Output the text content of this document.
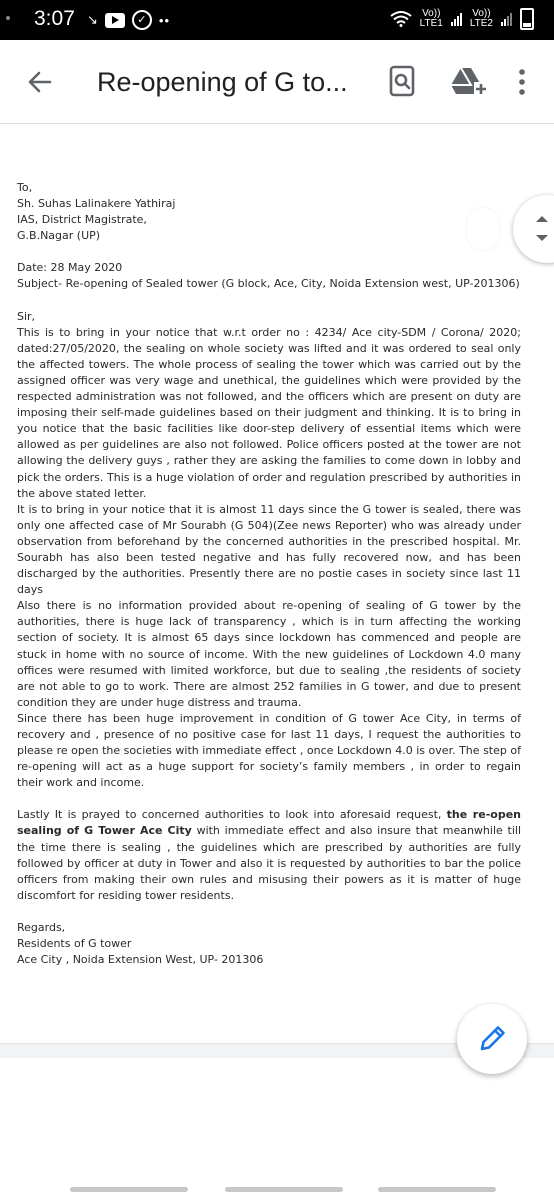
3:07 ↘	✓ ••	Vo))
LTE1
Vo))
LTE2
Re-opening of G to...

To,

Sh. Suhas Lalinakere Yathiraj

IAS, District Magistrate,

G.B.Nagar (UP)

Date: 28 May 2020

Subject- Re-opening of Sealed tower (G block, Ace, City, Noida Extension west, UP-201306)

Sir,

This is to bring in your notice that w.r.t order no : 4234/ Ace city-SDM / Corona/ 2020; dated:27/05/2020, the sealing on whole society was lifted and it was ordered to seal only the affected towers. The whole process of sealing the tower which was carried out by the assigned officer was very wage and unethical, the guidelines which were provided by the respected administration was not followed, and the officers which are present on duty are imposing their self-made guidelines based on their judgment and thinking. It is to bring in you notice that the basic facilities like door-step delivery of essential items which were allowed as per guidelines are also not followed. Police officers posted at the tower are not allowing the delivery guys , rather they are asking the families to come down in lobby and pick the orders. This is a huge violation of order and regulation prescribed by authorities in the above stated letter.

It is to bring in your notice that it is almost 11 days since the G tower is sealed, there was only one affected case of Mr Sourabh (G 504)(Zee news Reporter) who was already under observation from beforehand by the concerned authorities in the prescribed hospital. Mr. Sourabh has also been tested negative and has fully recovered now, and has been discharged by the authorities. Presently there are no postie cases in society since last 11 days

Also there is no information provided about re-opening of sealing of G tower by the authorities, there is huge lack of transparency , which is in turn affecting the working section of society. It is almost 65 days since lockdown has commenced and people are stuck in home with no source of income. With the new guidelines of Lockdown 4.0 many offices were resumed with limited workforce, but due to sealing ,the residents of society are not able to go to work. There are almost 252 families in G tower, and due to present condition they are under huge distress and trauma.

Since there has been huge improvement in condition of G tower Ace City, in terms of recovery and , presence of no positive case for last 11 days, I request the authorities to please re open the societies with immediate effect , once Lockdown 4.0 is over. The step of re-opening will act as a huge support for society’s family members , in order to regain their work and income.

Lastly It is prayed to concerned authorities to look into aforesaid request, the re-open sealing of G Tower Ace City with immediate effect and also insure that meanwhile till the time there is sealing , the guidelines which are prescribed by authorities are fully followed by officer at duty in Tower and also it is requested by authorities to bar the police officers from making their own rules and misusing their powers as it is matter of huge discomfort for residing tower residents.

Regards,

Residents of G tower

Ace City , Noida Extension West, UP- 201306
